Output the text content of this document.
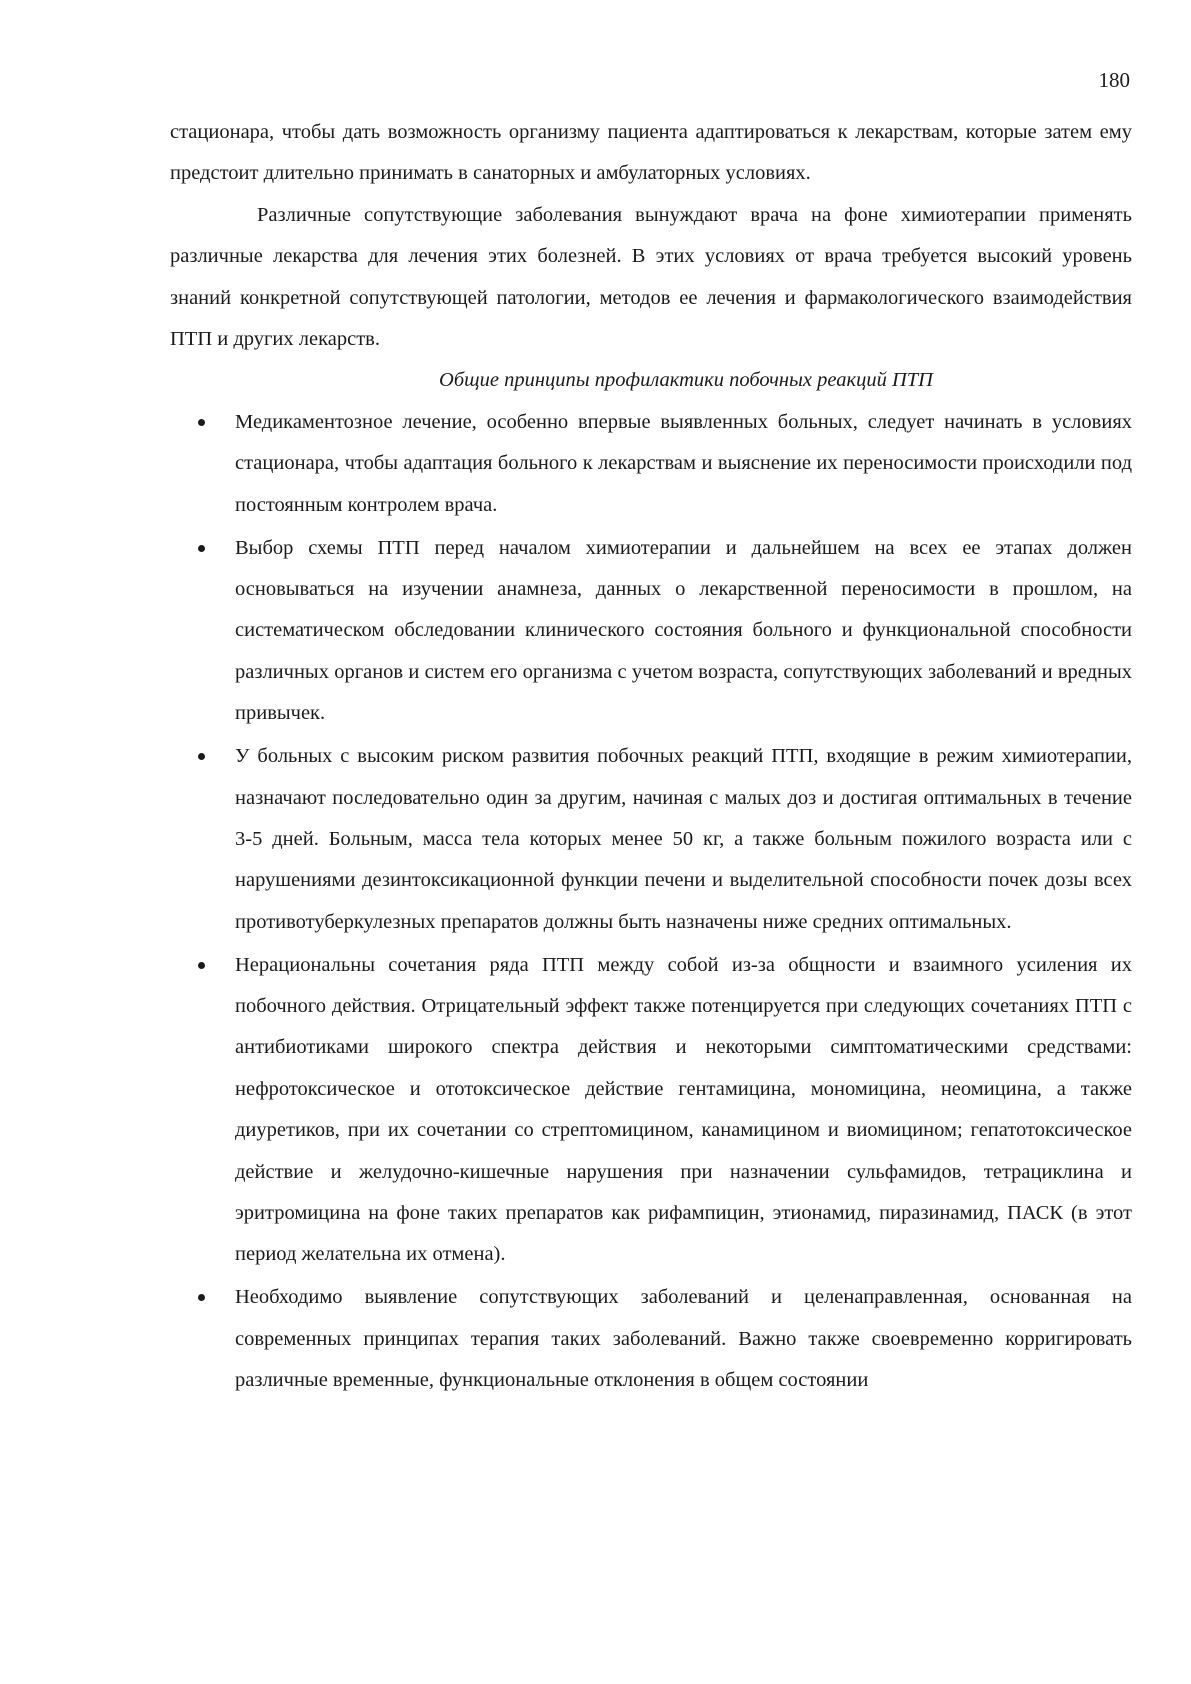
180

стационара, чтобы дать возможность организму пациента адаптироваться к лекарствам, которые затем ему предстоит длительно принимать в санаторных и амбулаторных условиях.

Различные сопутствующие заболевания вынуждают врача на фоне химиотерапии применять различные лекарства для лечения этих болезней. В этих условиях от врача требуется высокий уровень знаний конкретной сопутствующей патологии, методов ее лечения и фармакологического взаимодействия ПТП и других лекарств.

Общие принципы профилактики побочных реакций ПТП

Медикаментозное лечение, особенно впервые выявленных больных, следует начинать в условиях стационара, чтобы адаптация больного к лекарствам и выяснение их переносимости происходили под постоянным контролем врача.
Выбор схемы ПТП перед началом химиотерапии и дальнейшем на всех ее этапах должен основываться на изучении анамнеза, данных о лекарственной переносимости в прошлом, на систематическом обследовании клинического состояния больного и функциональной способности различных органов и систем его организма с учетом возраста, сопутствующих заболеваний и вредных привычек.
У больных с высоким риском развития побочных реакций ПТП, входящие в режим химиотерапии, назначают последовательно один за другим, начиная с малых доз и достигая оптимальных в течение 3-5 дней. Больным, масса тела которых менее 50 кг, а также больным пожилого возраста или с нарушениями дезинтоксикационной функции печени и выделительной способности почек дозы всех противотуберкулезных препаратов должны быть назначены ниже средних оптимальных.
Нерациональны сочетания ряда ПТП между собой из-за общности и взаимного усиления их побочного действия. Отрицательный эффект также потенцируется при следующих сочетаниях ПТП с антибиотиками широкого спектра действия и некоторыми симптоматическими средствами: нефротоксическое и ототоксическое действие гентамицина, мономицина, неомицина, а также диуретиков, при их сочетании со стрептомицином, канамицином и виомицином; гепатотоксическое действие и желудочно-кишечные нарушения при назначении сульфамидов, тетрациклина и эритромицина на фоне таких препаратов как рифампицин, этионамид, пиразинамид, ПАСК (в этот период желательна их отмена).
Необходимо выявление сопутствующих заболеваний и целенаправленная, основанная на современных принципах терапия таких заболеваний. Важно также своевременно корригировать различные временные, функциональные отклонения в общем состоянии
